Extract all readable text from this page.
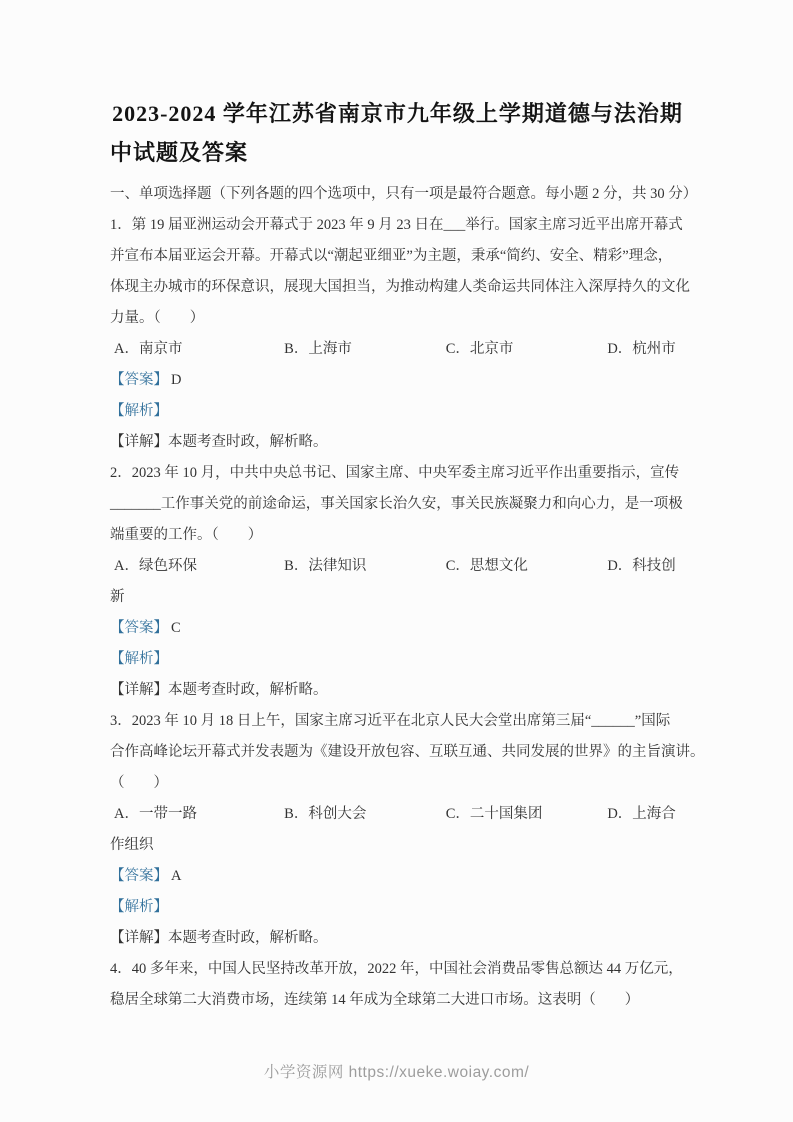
2023-2024 学年江苏省南京市九年级上学期道德与法治期
中试题及答案

一、单项选择题（下列各题的四个选项中，只有一项是最符合题意。每小题 2 分，共 30 分）

1．第 19 届亚洲运动会开幕式于 2023 年 9 月 23 日在___举行。国家主席习近平出席开幕式
并宣布本届亚运会开幕。开幕式以“潮起亚细亚”为主题，秉承“简约、安全、精彩”理念，
体现主办城市的环保意识，展现大国担当，为推动构建人类命运共同体注入深厚持久的文化
力量。（　　）
A．南京市	B．上海市	C．北京市	D．杭州市
【答案】 D
【解析】
【详解】本题考查时政，解析略。
2．2023 年 10 月，中共中央总书记、国家主席、中央军委主席习近平作出重要指示，宣传
_______工作事关党的前途命运，事关国家长治久安，事关民族凝聚力和向心力，是一项极
端重要的工作。（　　）
A．绿色环保	B．法律知识	C．思想文化	D．科技创
新
【答案】 C
【解析】
【详解】本题考查时政，解析略。
3．2023 年 10 月 18 日上午，国家主席习近平在北京人民大会堂出席第三届“______”国际
合作高峰论坛开幕式并发表题为《建设开放包容、互联互通、共同发展的世界》的主旨演讲。
（　　）
A．一带一路	B．科创大会	C．二十国集团	D．上海合
作组织
【答案】 A
【解析】
【详解】本题考查时政，解析略。
4．40 多年来，中国人民坚持改革开放，2022 年，中国社会消费品零售总额达 44 万亿元，
稳居全球第二大消费市场，连续第 14 年成为全球第二大进口市场。这表明（　　）
小学资源网 https://xueke.woiay.com/
